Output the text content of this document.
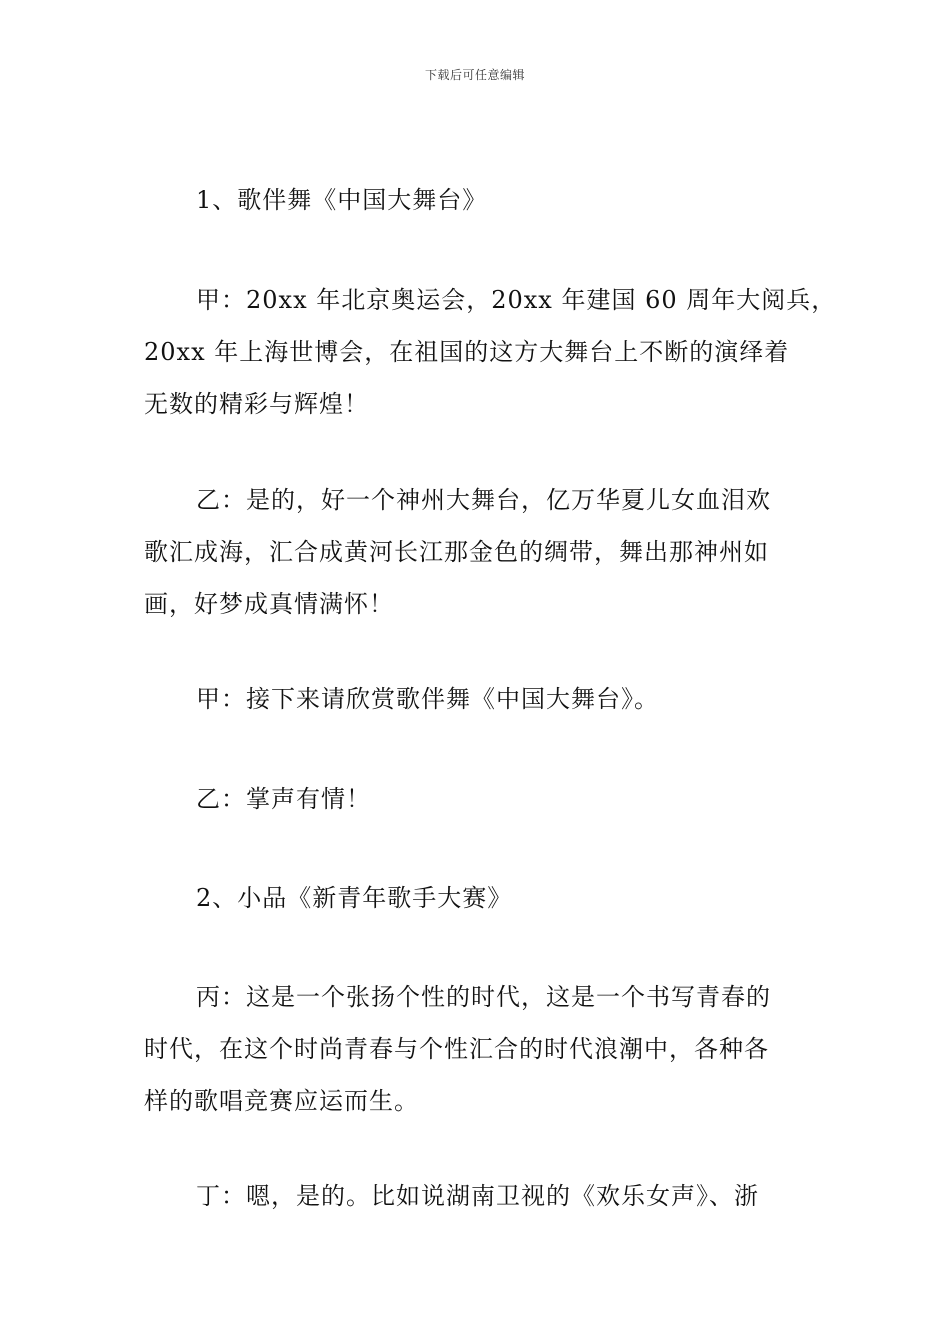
下载后可任意编辑
1、歌伴舞《中国大舞台》
甲：20xx 年北京奥运会，20xx 年建国 60 周年大阅兵，
20xx 年上海世博会，在祖国的这方大舞台上不断的演绎着
无数的精彩与辉煌！
乙：是的，好一个神州大舞台，亿万华夏儿女血泪欢
歌汇成海，汇合成黄河长江那金色的绸带，舞出那神州如
画，好梦成真情满怀！
甲：接下来请欣赏歌伴舞《中国大舞台》。
乙：掌声有情！
2、小品《新青年歌手大赛》
丙：这是一个张扬个性的时代，这是一个书写青春的
时代，在这个时尚青春与个性汇合的时代浪潮中，各种各
样的歌唱竞赛应运而生。
丁：嗯，是的。比如说湖南卫视的《欢乐女声》、浙
